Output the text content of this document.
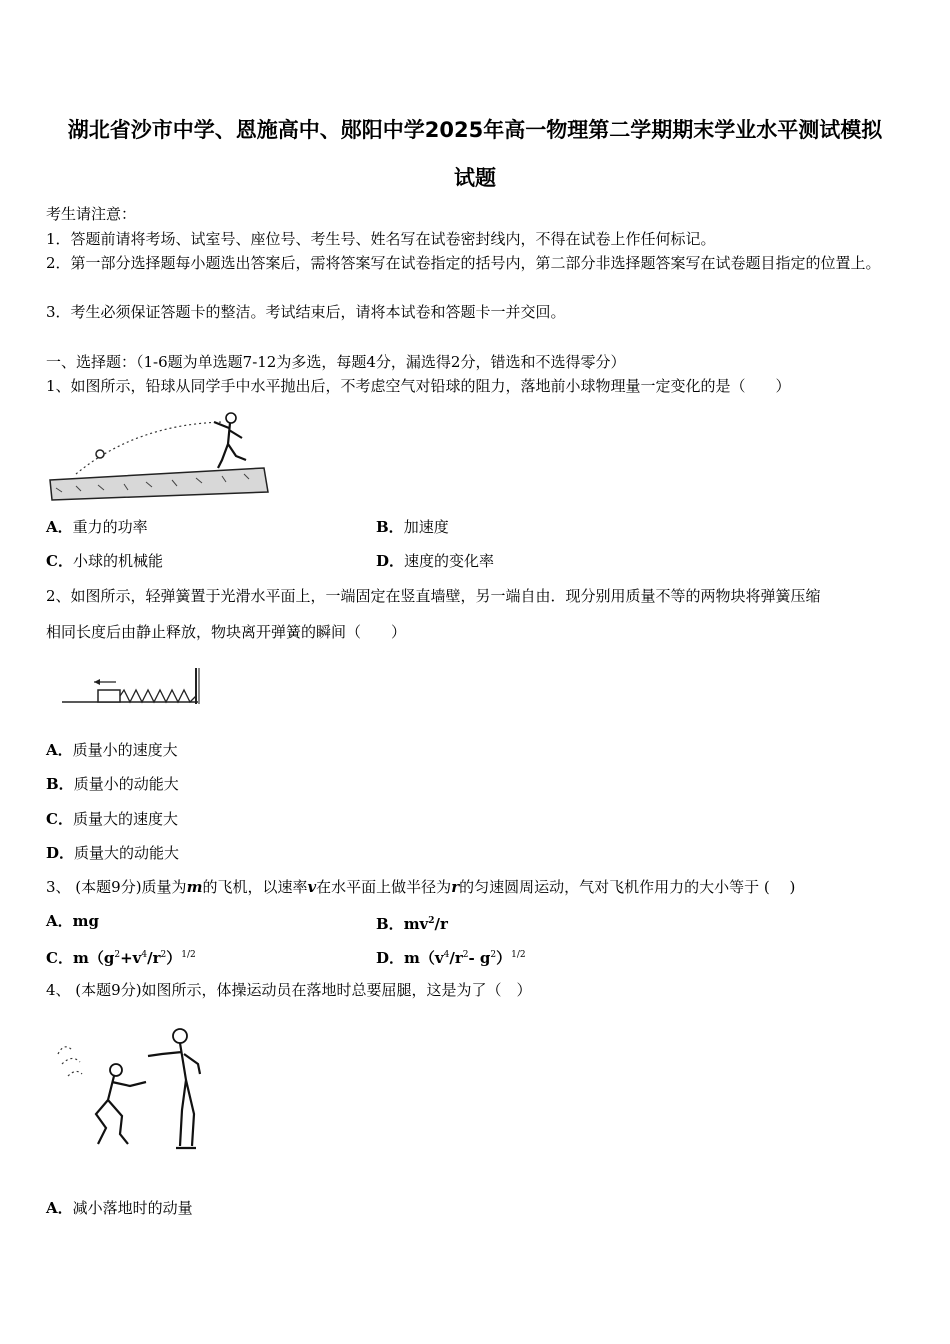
湖北省沙市中学、恩施高中、郧阳中学2025年高一物理第二学期期末学业水平测试模拟
试题
考生请注意：
1．答题前请将考场、试室号、座位号、考生号、姓名写在试卷密封线内，不得在试卷上作任何标记。
2．第一部分选择题每小题选出答案后，需将答案写在试卷指定的括号内，第二部分非选择题答案写在试卷题目指定的位置上。
3．考生必须保证答题卡的整洁。考试结束后，请将本试卷和答题卡一并交回。
一、选择题：（1-6题为单选题7-12为多选，每题4分，漏选得2分，错选和不选得零分）
1、如图所示，铅球从同学手中水平抛出后，不考虑空气对铅球的阻力，落地前小球物理量一定变化的是（　　）
A．重力的功率	B．加速度
C．小球的机械能	D．速度的变化率
2、如图所示，轻弹簧置于光滑水平面上，一端固定在竖直墙壁，另一端自由．现分别用质量不等的两物块将弹簧压缩
相同长度后由静止释放，物块离开弹簧的瞬间（　　）
A．质量小的速度大
B．质量小的动能大
C．质量大的速度大
D．质量大的动能大
3、 (本题9分)质量为m的飞机，以速率v在水平面上做半径为r的匀速圆周运动，气对飞机作用力的大小等于 (　 )
A．mg	B．$mv^2/r$
C．$m(g^2+v^4/r^2)^{1/2}$	D．$m(v^4/r^2-$ $g^2)^{1/2}$
4、 (本题9分)如图所示，体操运动员在落地时总要屈腿，这是为了（　）
A．减小落地时的动量
